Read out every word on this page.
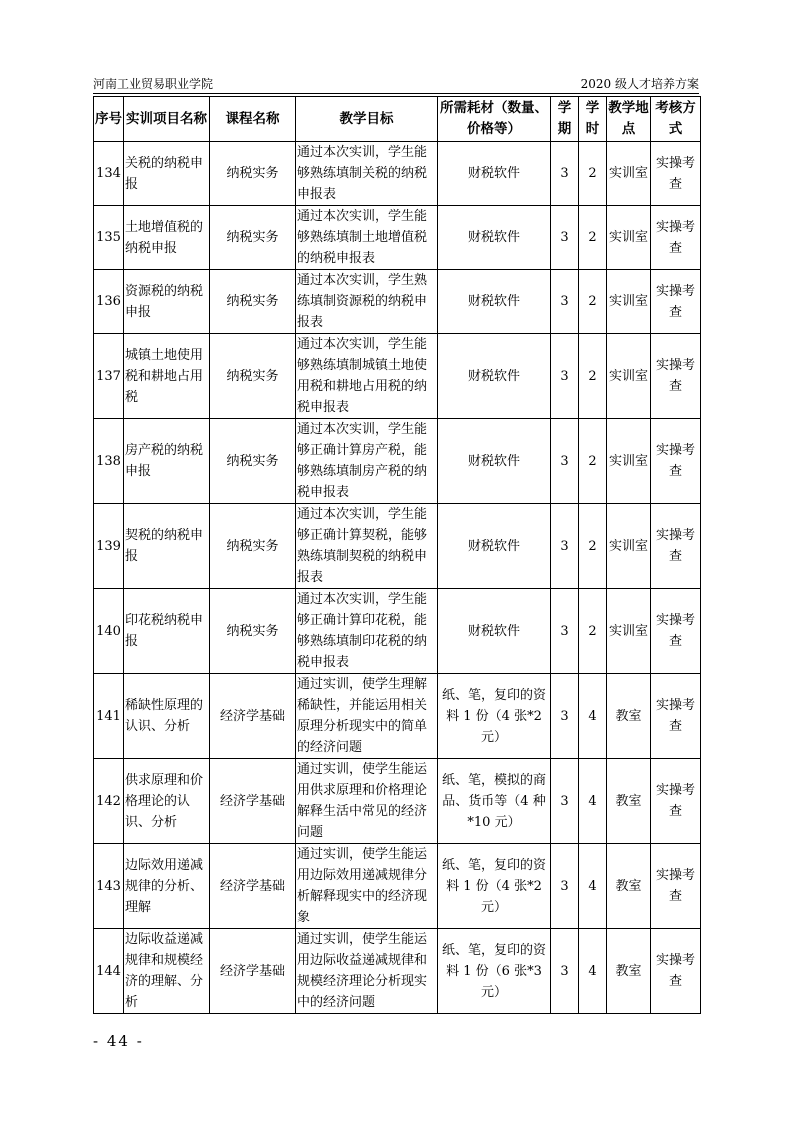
河南工业贸易职业学院	2020 级人才培养方案
序号	实训项目名称	课程名称	教学目标	所需耗材（数量、价格等）	学期	学时	教学地点	考核方式
134	关税的纳税申报	纳税实务	通过本次实训，学生能够熟练填制关税的纳税申报表	财税软件	3	2	实训室	实操考查
135	土地增值税的纳税申报	纳税实务	通过本次实训，学生能够熟练填制土地增值税的纳税申报表	财税软件	3	2	实训室	实操考查
136	资源税的纳税申报	纳税实务	通过本次实训，学生熟练填制资源税的纳税申报表	财税软件	3	2	实训室	实操考查
137	城镇土地使用税和耕地占用税	纳税实务	通过本次实训，学生能够熟练填制城镇土地使用税和耕地占用税的纳税申报表	财税软件	3	2	实训室	实操考查
138	房产税的纳税申报	纳税实务	通过本次实训，学生能够正确计算房产税，能够熟练填制房产税的纳税申报表	财税软件	3	2	实训室	实操考查
139	契税的纳税申报	纳税实务	通过本次实训，学生能够正确计算契税，能够熟练填制契税的纳税申报表	财税软件	3	2	实训室	实操考查
140	印花税纳税申报	纳税实务	通过本次实训，学生能够正确计算印花税，能够熟练填制印花税的纳税申报表	财税软件	3	2	实训室	实操考查
141	稀缺性原理的认识、分析	经济学基础	通过实训，使学生理解稀缺性，并能运用相关原理分析现实中的简单的经济问题	纸、笔，复印的资料 1 份（4 张*2 元）	3	4	教室	实操考查
142	供求原理和价格理论的认识、分析	经济学基础	通过实训，使学生能运用供求原理和价格理论解释生活中常见的经济问题	纸、笔，模拟的商品、货币等（4 种*10 元）	3	4	教室	实操考查
143	边际效用递减规律的分析、理解	经济学基础	通过实训，使学生能运用边际效用递减规律分析解释现实中的经济现象	纸、笔，复印的资料 1 份（4 张*2 元）	3	4	教室	实操考查
144	边际收益递减规律和规模经济的理解、分析	经济学基础	通过实训，使学生能运用边际收益递减规律和规模经济理论分析现实中的经济问题	纸、笔，复印的资料 1 份（6 张*3 元）	3	4	教室	实操考查
- 44 -
